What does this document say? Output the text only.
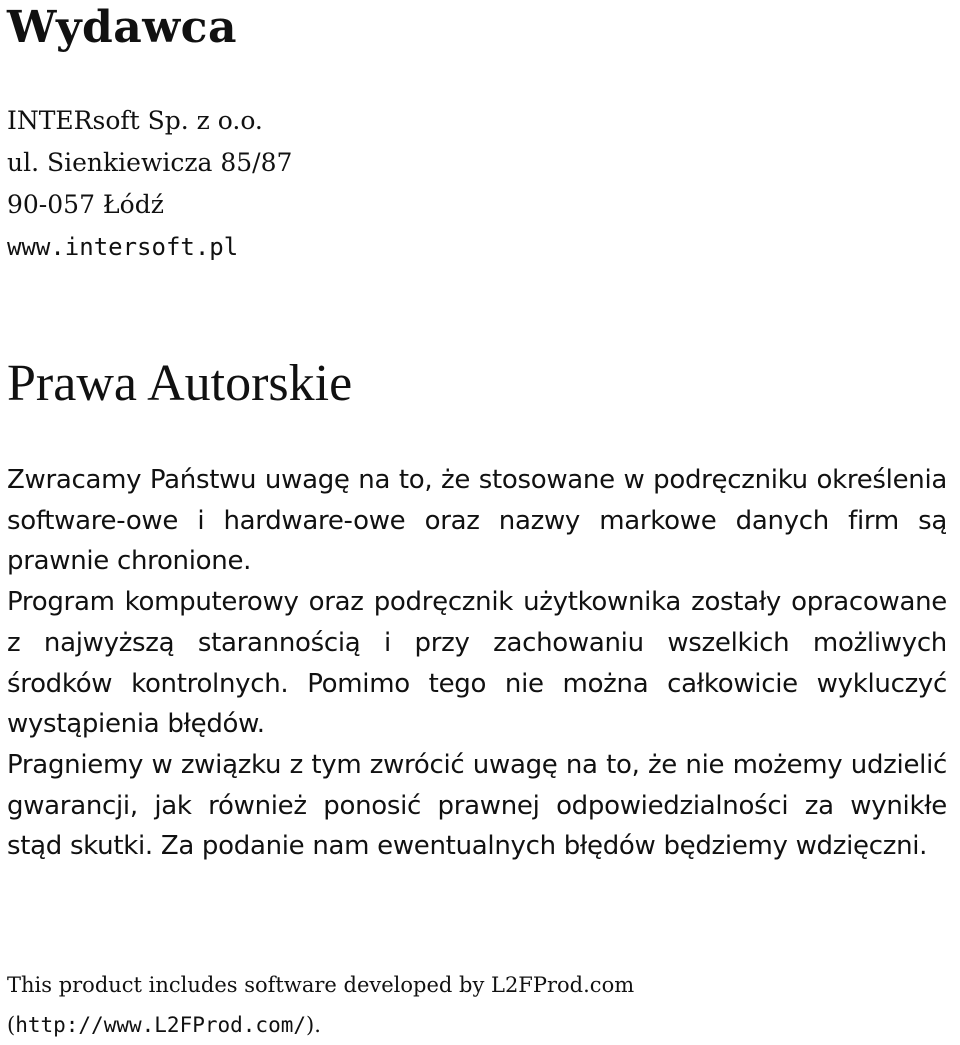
Wydawca
INTERsoft Sp. z o.o.
ul. Sienkiewicza 85/87
90-057 Łódź
www.intersoft.pl
Prawa Autorskie

Zwracamy Państwu uwagę na to, że stosowane w podręczniku określenia software-owe i hardware-owe oraz nazwy markowe danych firm są prawnie chronione.

Program komputerowy oraz podręcznik użytkownika zostały opracowane z najwyższą starannością i przy zachowaniu wszelkich możliwych środków kontrolnych. Pomimo tego nie można całkowicie wykluczyć wystąpienia błędów.

Pragniemy w związku z tym zwrócić uwagę na to, że nie możemy udzielić gwarancji, jak również ponosić prawnej odpowiedzialności za wynikłe stąd skutki. Za podanie nam ewentualnych błędów będziemy wdzięczni.

This product includes software developed by L2FProd.com
(http://www.L2FProd.com/).
